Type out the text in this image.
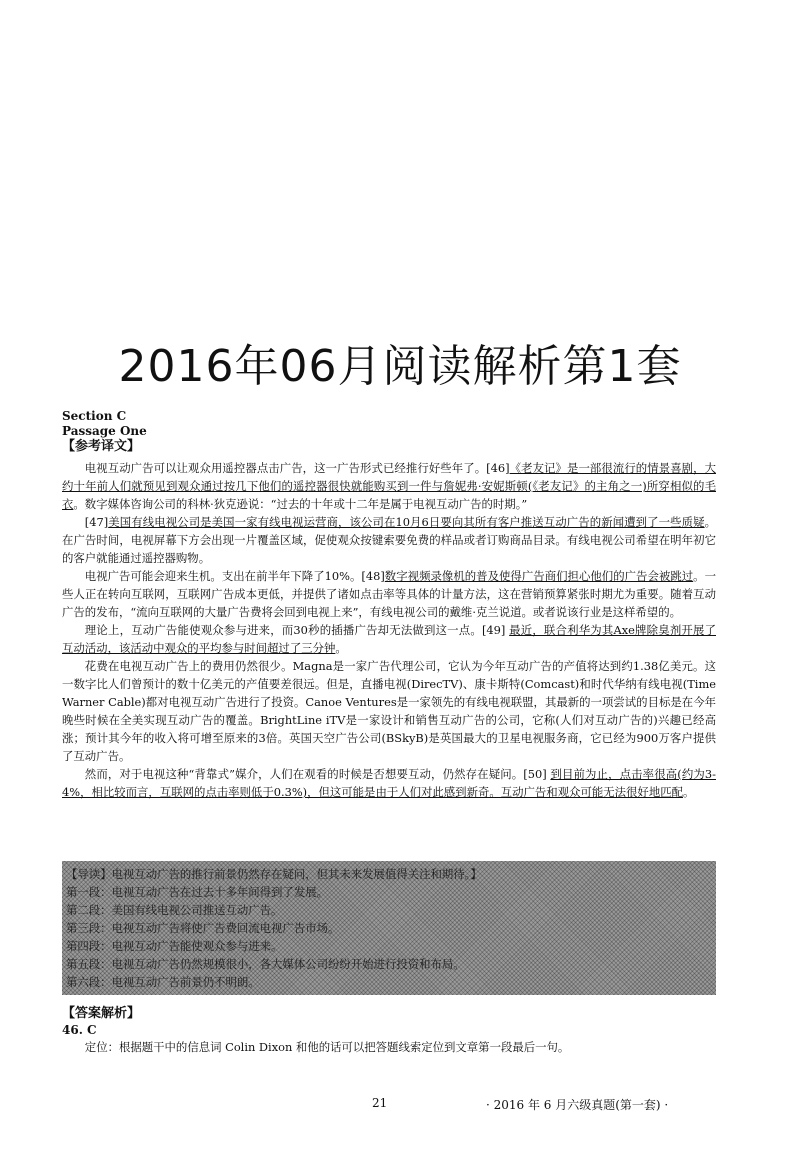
2016年06月阅读解析第1套
Section C
Passage One
【参考译文】

电视互动广告可以让观众用遥控器点击广告，这一广告形式已经推行好些年了。[46]《老友记》是一部很流行的情景喜剧，大约十年前人们就预见到观众通过按几下他们的遥控器很快就能购买到一件与詹妮弗·安妮斯顿(《老友记》的主角之一)所穿相似的毛衣。数字媒体咨询公司的科林·狄克逊说：“过去的十年或十二年是属于电视互动广告的时期。”

[47]美国有线电视公司是美国一家有线电视运营商，该公司在10月6日要向其所有客户推送互动广告的新闻遭到了一些质疑。在广告时间，电视屏幕下方会出现一片覆盖区域，促使观众按键索要免费的样品或者订购商品目录。有线电视公司希望在明年初它的客户就能通过遥控器购物。

电视广告可能会迎来生机。支出在前半年下降了10%。[48]数字视频录像机的普及使得广告商们担心他们的广告会被跳过。一些人正在转向互联网，互联网广告成本更低，并提供了诸如点击率等具体的计量方法，这在营销预算紧张时期尤为重要。随着互动广告的发布，“流向互联网的大量广告费将会回到电视上来”，有线电视公司的戴维·克兰说道。或者说该行业是这样希望的。

理论上，互动广告能使观众参与进来，而30秒的插播广告却无法做到这一点。[49] 最近，联合利华为其Axe牌除臭剂开展了互动活动，该活动中观众的平均参与时间超过了三分钟。

花费在电视互动广告上的费用仍然很少。Magna是一家广告代理公司，它认为今年互动广告的产值将达到约1.38亿美元。这一数字比人们曾预计的数十亿美元的产值要差很远。但是，直播电视(DirecTV)、康卡斯特(Comcast)和时代华纳有线电视(Time Warner Cable)都对电视互动广告进行了投资。Canoe Ventures是一家领先的有线电视联盟，其最新的一项尝试的目标是在今年晚些时候在全美实现互动广告的覆盖。BrightLine iTV是一家设计和销售互动广告的公司，它称(人们对互动广告的)兴趣已经高涨；预计其今年的收入将可增至原来的3倍。英国天空广告公司(BSkyB)是英国最大的卫星电视服务商，它已经为900万客户提供了互动广告。

然而，对于电视这种“背靠式”媒介，人们在观看的时候是否想要互动，仍然存在疑问。[50] 到目前为止，点击率很高(约为3-4%，相比较而言，互联网的点击率则低于0.3%)，但这可能是由于人们对此感到新奇。互动广告和观众可能无法很好地匹配。

【导读】电视互动广告的推行前景仍然存在疑问，但其未来发展值得关注和期待。】
第一段：电视互动广告在过去十多年间得到了发展。
第二段：美国有线电视公司推送互动广告。
第三段：电视互动广告将使广告费回流电视广告市场。
第四段：电视互动广告能使观众参与进来。
第五段：电视互动广告仍然规模很小，各大媒体公司纷纷开始进行投资和布局。
第六段：电视互动广告前景仍不明朗。
【答案解析】
46. C
定位：根据题干中的信息词 Colin Dixon 和他的话可以把答题线索定位到文章第一段最后一句。
21	· 2016 年 6 月六级真题(第一套) ·
